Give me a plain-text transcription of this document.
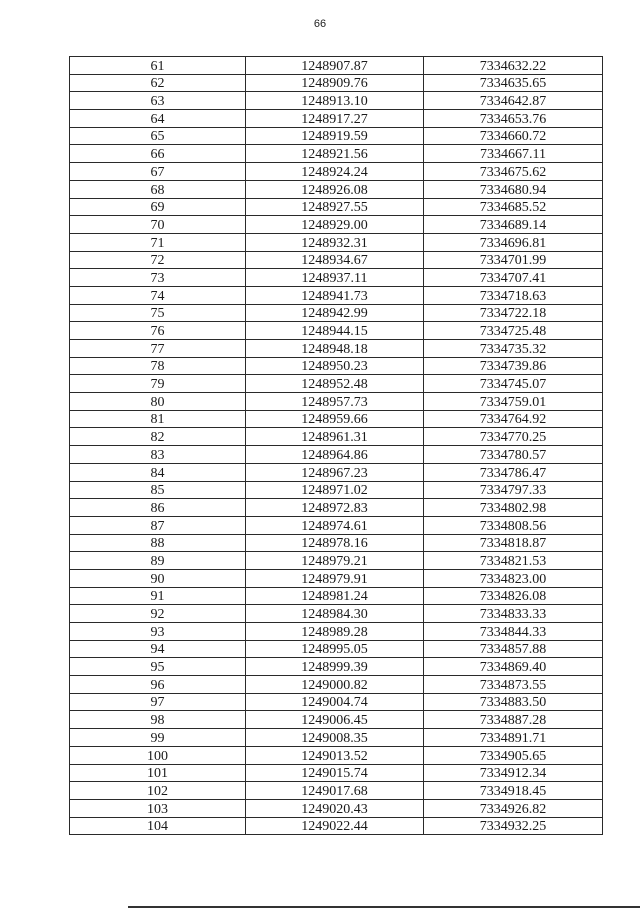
66
61	1248907.87	7334632.22
62	1248909.76	7334635.65
63	1248913.10	7334642.87
64	1248917.27	7334653.76
65	1248919.59	7334660.72
66	1248921.56	7334667.11
67	1248924.24	7334675.62
68	1248926.08	7334680.94
69	1248927.55	7334685.52
70	1248929.00	7334689.14
71	1248932.31	7334696.81
72	1248934.67	7334701.99
73	1248937.11	7334707.41
74	1248941.73	7334718.63
75	1248942.99	7334722.18
76	1248944.15	7334725.48
77	1248948.18	7334735.32
78	1248950.23	7334739.86
79	1248952.48	7334745.07
80	1248957.73	7334759.01
81	1248959.66	7334764.92
82	1248961.31	7334770.25
83	1248964.86	7334780.57
84	1248967.23	7334786.47
85	1248971.02	7334797.33
86	1248972.83	7334802.98
87	1248974.61	7334808.56
88	1248978.16	7334818.87
89	1248979.21	7334821.53
90	1248979.91	7334823.00
91	1248981.24	7334826.08
92	1248984.30	7334833.33
93	1248989.28	7334844.33
94	1248995.05	7334857.88
95	1248999.39	7334869.40
96	1249000.82	7334873.55
97	1249004.74	7334883.50
98	1249006.45	7334887.28
99	1249008.35	7334891.71
100	1249013.52	7334905.65
101	1249015.74	7334912.34
102	1249017.68	7334918.45
103	1249020.43	7334926.82
104	1249022.44	7334932.25
